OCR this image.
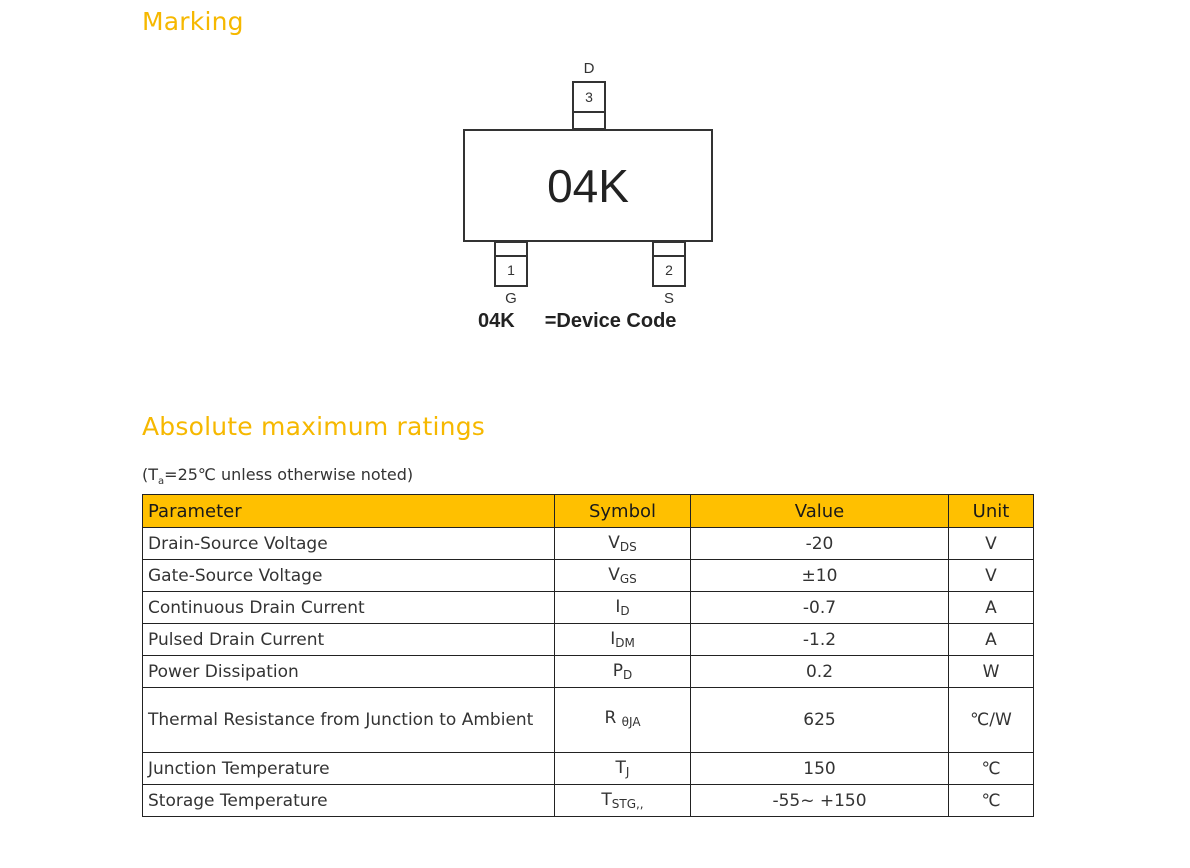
Marking
D
3
04K
1	2
G	S
04K =Device Code
Absolute maximum ratings
($T_a=25℃$ unless otherwise noted)
Parameter	Symbol	Value	Unit
Drain-Source Voltage	$V_{DS}$	-20	V
Gate-Source Voltage	$V_{GS}$	±10	V
Continuous Drain Current	$I_D$	-0.7	A
Pulsed Drain Current	$I_{DM}$	-1.2	A
Power Dissipation	$P_D$	0.2	W
Thermal Resistance from Junction to Ambient	R $_{\theta JA}$	625	℃/W
Junction Temperature	$T_J$	150	℃
Storage Temperature	$T_{STG,,}$	-55~ +150	℃
